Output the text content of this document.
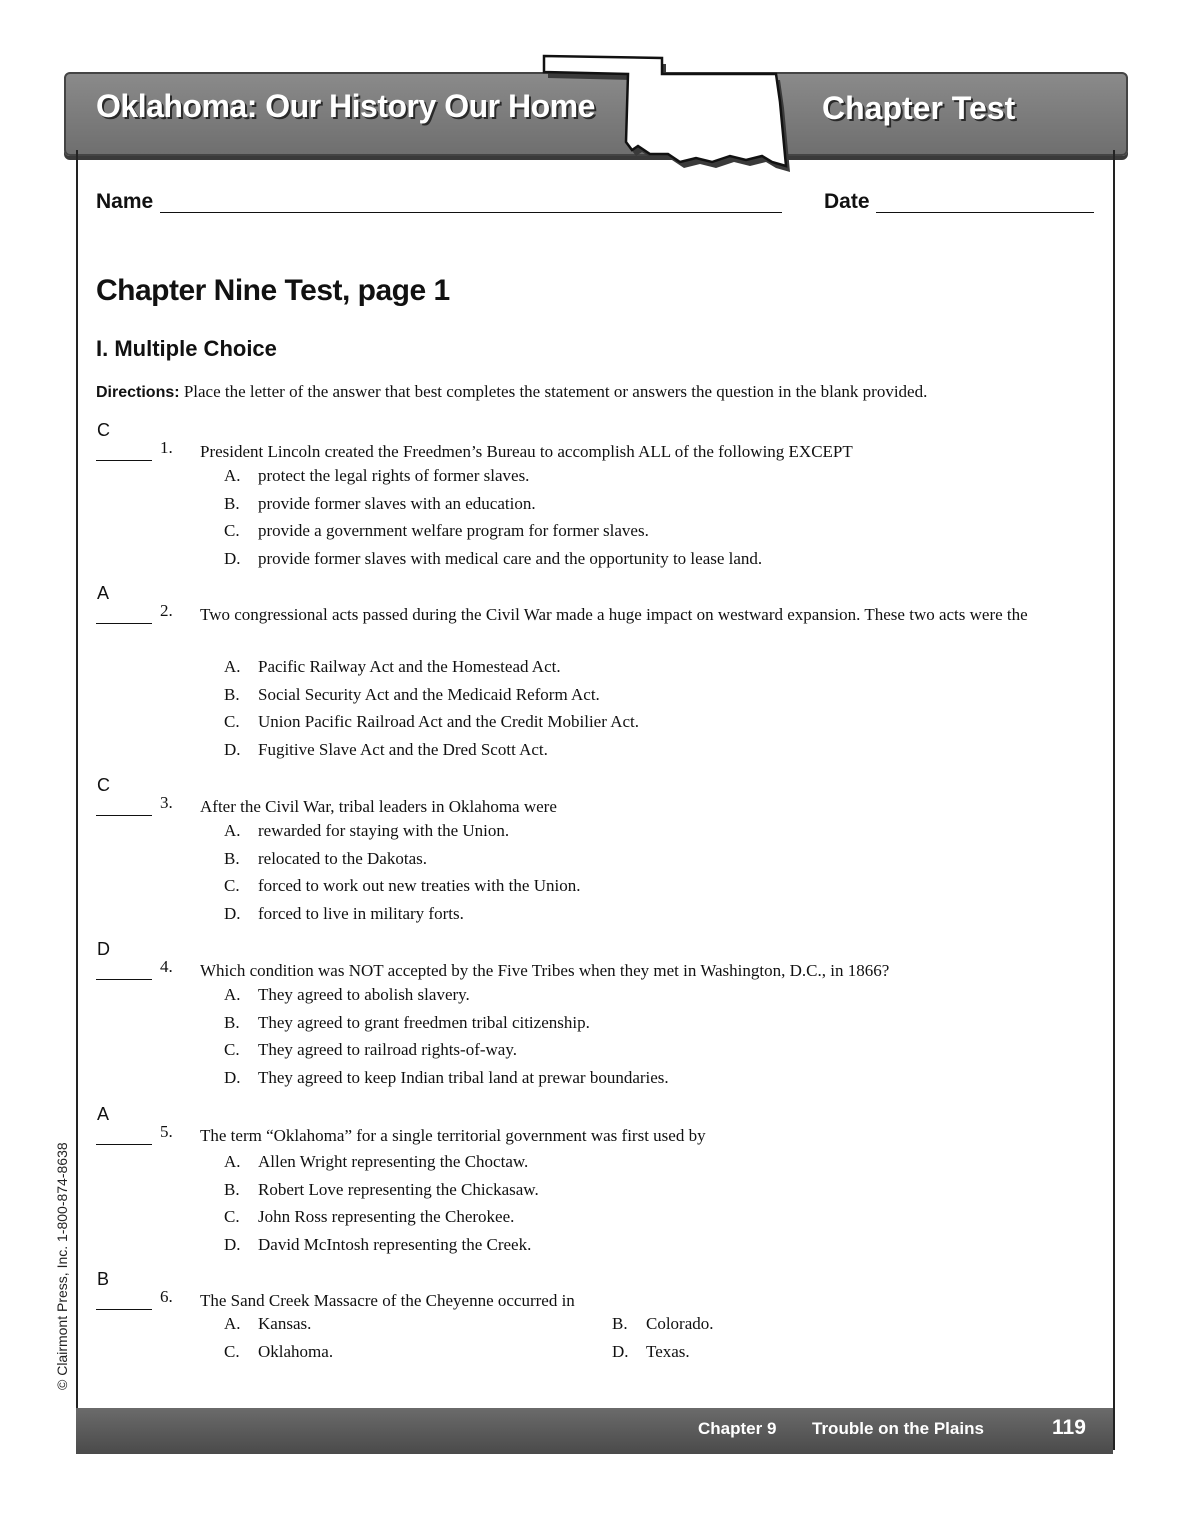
Oklahoma: Our History Our Home	Chapter Test
Name	Date
Chapter Nine Test, page 1
I. Multiple Choice
Directions: Place the letter of the answer that best completes the statement or answers the question in the blank provided.
C
1. President Lincoln created the Freedmen’s Bureau to accomplish ALL of the following EXCEPT
A. protect the legal rights of former slaves.
B. provide former slaves with an education.
C. provide a government welfare program for former slaves.
D. provide former slaves with medical care and the opportunity to lease land.
A
2. Two congressional acts passed during the Civil War made a huge impact on westward expansion. These two acts were the
A. Pacific Railway Act and the Homestead Act.
B. Social Security Act and the Medicaid Reform Act.
C. Union Pacific Railroad Act and the Credit Mobilier Act.
D. Fugitive Slave Act and the Dred Scott Act.
C
3. After the Civil War, tribal leaders in Oklahoma were
A. rewarded for staying with the Union.
B. relocated to the Dakotas.
C. forced to work out new treaties with the Union.
D. forced to live in military forts.
D
4. Which condition was NOT accepted by the Five Tribes when they met in Washington, D.C., in 1866?
A. They agreed to abolish slavery.
B. They agreed to grant freedmen tribal citizenship.
C. They agreed to railroad rights-of-way.
D. They agreed to keep Indian tribal land at prewar boundaries.
A
5. The term “Oklahoma” for a single territorial government was first used by
A. Allen Wright representing the Choctaw.
B. Robert Love representing the Chickasaw.
C. John Ross representing the Cherokee.
D. David McIntosh representing the Creek.
B
6. The Sand Creek Massacre of the Cheyenne occurred in
A. Kansas.	B. Colorado.
C. Oklahoma.	D. Texas.
© Clairmont Press, Inc. 1-800-874-8638
Chapter 9 Trouble on the Plains	119
